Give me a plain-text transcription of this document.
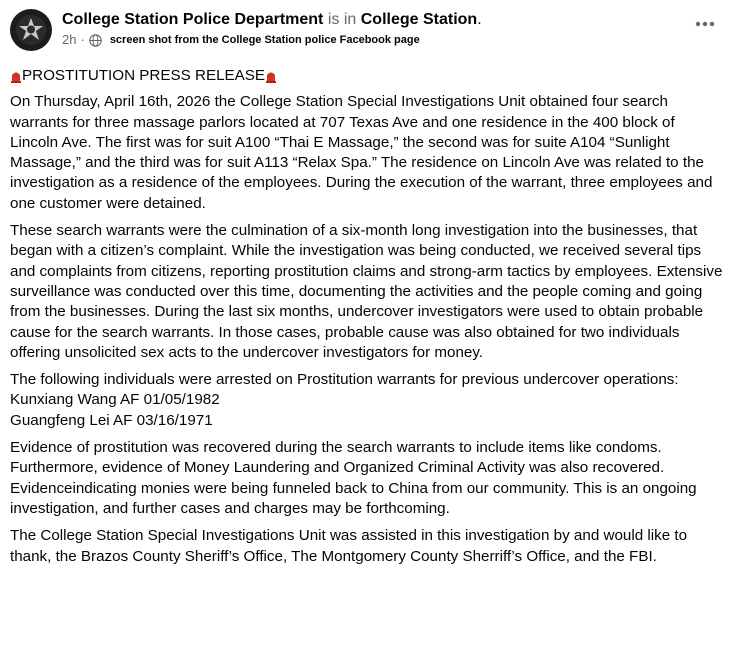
College Station Police Department is in College Station.
2h · screen shot from the College Station police Facebook page
PROSTITUTION PRESS RELEASE

On Thursday, April 16th, 2026 the College Station Special Investigations Unit obtained four search warrants for three massage parlors located at 707 Texas Ave and one residence in the 400 block of Lincoln Ave. The first was for suit A100 “Thai E Massage,” the second was for suite A104 “Sunlight Massage,” and the third was for suit A113 “Relax Spa.” The residence on Lincoln Ave was related to the investigation as a residence of the employees. During the execution of the warrant, three employees and one customer were detained.

These search warrants were the culmination of a six-month long investigation into the businesses, that began with a citizen’s complaint. While the investigation was being conducted, we received several tips and complaints from citizens, reporting prostitution claims and strong-arm tactics by employees. Extensive surveillance was conducted over this time, documenting the activities and the people coming and going from the businesses. During the last six months, undercover investigators were used to obtain probable cause for the search warrants. In those cases, probable cause was also obtained for two individuals offering unsolicited sex acts to the undercover investigators for money.

The following individuals were arrested on Prostitution warrants for previous undercover operations:

Kunxiang Wang AF 01/05/1982

Guangfeng Lei AF 03/16/1971

Evidence of prostitution was recovered during the search warrants to include items like condoms. Furthermore, evidence of Money Laundering and Organized Criminal Activity was also recovered. Evidenceindicating monies were being funneled back to China from our community. This is an ongoing investigation, and further cases and charges may be forthcoming.

The College Station Special Investigations Unit was assisted in this investigation by and would like to thank, the Brazos County Sheriff’s Office, The Montgomery County Sherriff’s Office, and the FBI.
